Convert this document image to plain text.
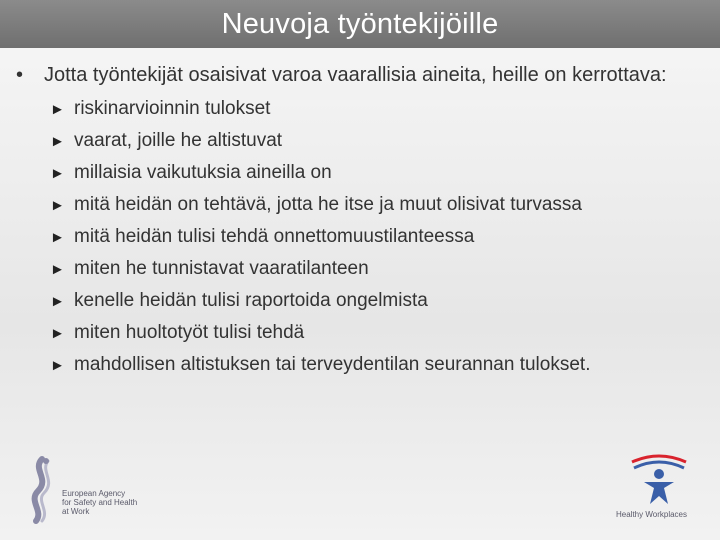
Neuvoja työntekijöille
•	Jotta työntekijät osaisivat varoa vaarallisia aineita, heille on kerrottava:
► riskinarvioinnin tulokset
► vaarat, joille he altistuvat
► millaisia vaikutuksia aineilla on
► mitä heidän on tehtävä, jotta he itse ja muut olisivat turvassa
► mitä heidän tulisi tehdä onnettomuustilanteessa
► miten he tunnistavat vaaratilanteen
► kenelle heidän tulisi raportoida ongelmista
► miten huoltotyöt tulisi tehdä
► mahdollisen altistuksen tai terveydentilan seurannan tulokset.
European Agency
for Safety and Health
at Work	Healthy Workplaces
